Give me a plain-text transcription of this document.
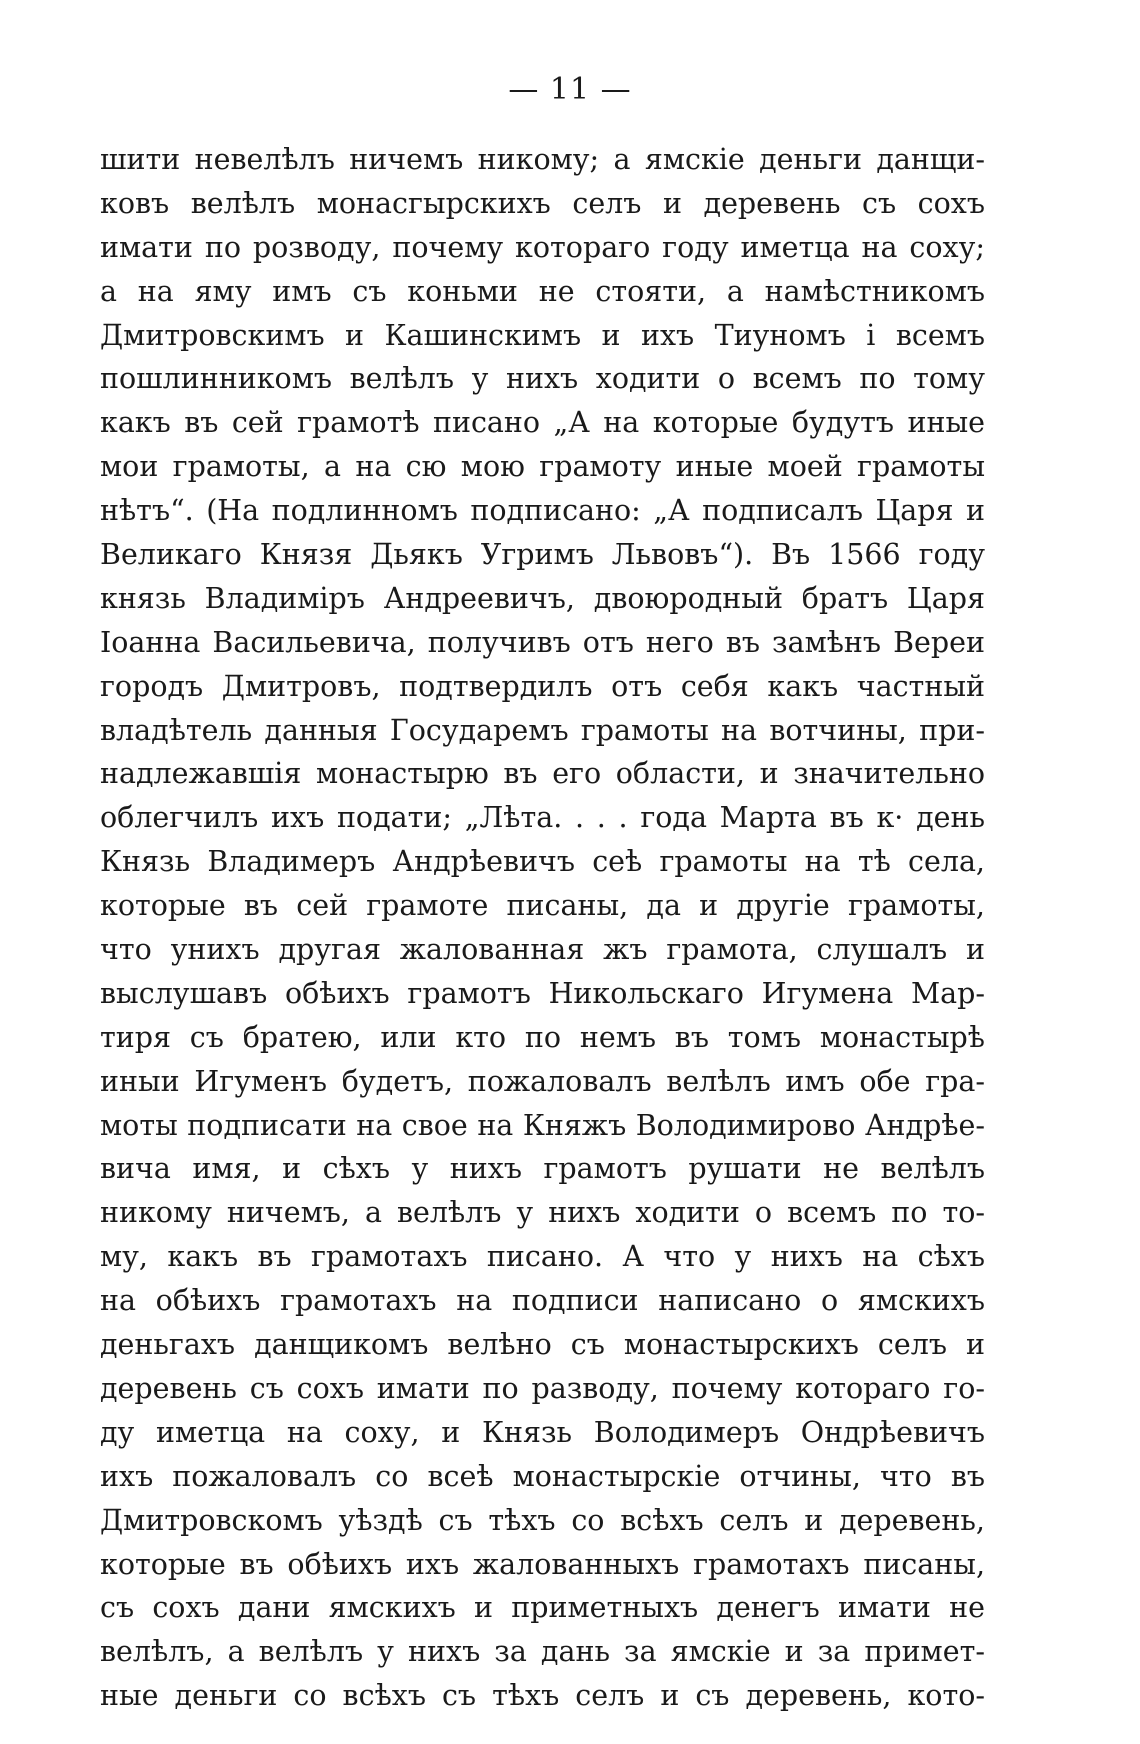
— 11 —
шити невелѣлъ ничемъ никому; а ямскіе деньги данщи-
ковъ велѣлъ монасгырскихъ селъ и деревень съ сохъ
имати по розводу, почему котораго году иметца на соху;
а на яму имъ съ коньми не стояти, а намѣстникомъ
Дмитровскимъ и Кашинскимъ и ихъ Тиуномъ і всемъ
пошлинникомъ велѣлъ у нихъ ходити о всемъ по тому
какъ въ сей грамотѣ писано „А на которые будутъ иные
мои грамоты, а на сю мою грамоту иные моей грамоты
нѣтъ“. (На подлинномъ подписано: „А подписалъ Царя и
Великаго Князя Дьякъ Угримъ Львовъ“). Въ 1566 году
князь Владимiръ Андреевичъ, двоюродный братъ Царя
Іоанна Васильевича, получивъ отъ него въ замѣнъ Вереи
городъ Дмитровъ, подтвердилъ отъ себя какъ частный
владѣтель данныя Государемъ грамоты на вотчины, при-
надлежавшія монастырю въ его области, и значительно
облегчилъ ихъ подати; „Лѣта. . . . года Марта въ к· день
Князь Владимеръ Андрѣевичъ сеѣ грамоты на тѣ села,
которые въ сей грамоте писаны, да и другіе грамоты,
что унихъ другая жалованная жъ грамота, слушалъ и
выслушавъ обѣихъ грамотъ Никольскаго Игумена Мар-
тиря съ братею, или кто по немъ въ томъ монастырѣ
иныи Игуменъ будетъ, пожаловалъ велѣлъ имъ обе гра-
моты подписати на свое на Княжъ Володимирово Андрѣе-
вича имя, и сѣхъ у нихъ грамотъ рушати не велѣлъ
никому ничемъ, а велѣлъ у нихъ ходити о всемъ по то-
му, какъ въ грамотахъ писано. А что у нихъ на сѣхъ
на обѣихъ грамотахъ на подписи написано о ямскихъ
деньгахъ данщикомъ велѣно съ монастырскихъ селъ и
деревень съ сохъ имати по разводу, почему котораго го-
ду иметца на соху, и Князь Володимеръ Ондрѣевичъ
ихъ пожаловалъ со всеѣ монастырскіе отчины, что въ
Дмитровскомъ уѣздѣ съ тѣхъ со всѣхъ селъ и деревень,
которые въ обѣихъ ихъ жалованныхъ грамотахъ писаны,
съ сохъ дани ямскихъ и приметныхъ денегъ имати не
велѣлъ, а велѣлъ у нихъ за дань за ямскіе и за примет-
ные деньги со всѣхъ съ тѣхъ селъ и съ деревень, кото-
